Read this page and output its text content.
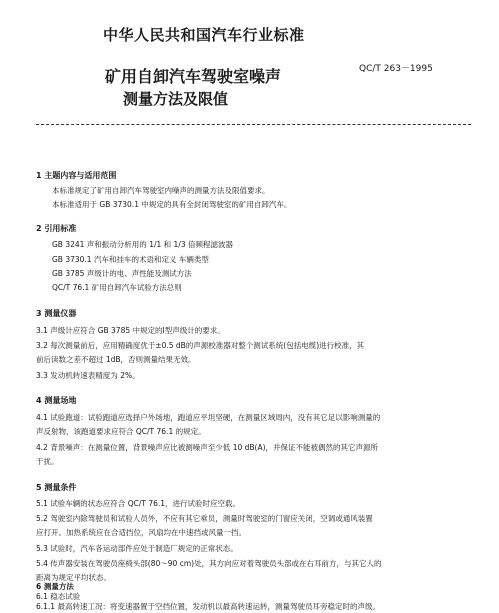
中华人民共和国汽车行业标准
QC/T 263－1995
矿用自卸汽车驾驶室噪声
测量方法及限值
1 主题内容与适用范围
本标准规定了矿用自卸汽车驾驶室内噪声的测量方法及限值要求。
本标准适用于 GB 3730.1 中规定的具有全封闭驾驶室的矿用自卸汽车。
2 引用标准
GB 3241 声和振动分析用的 1/1 和 1/3 倍频程滤波器
GB 3730.1 汽车和挂车的术语和定义 车辆类型
GB 3785 声级计的电、声性能及测试方法
QC/T 76.1 矿用自卸汽车试验方法总则
3 测量仪器
3.1 声级计应符合 GB 3785 中规定的Ⅰ型声级计的要求。
3.2 每次测量前后，应用精确度优于±0.5 dB的声源校准器对整个测试系统(包括电缆)进行校准，其
前后读数之差不超过 1dB，否则测量结果无效。
3.3 发动机转速表精度为 2%。
4 测量场地
4.1 试验跑道：试验跑道应选择户外场地，跑道应平坦坚硬，在测量区域周内，没有其它足以影响测量的
声反射物，该跑道要求应符合 QC/T 76.1 的规定。
4.2 背景噪声：在测量位置，背景噪声应比被测噪声至少低 10 dB(A)，并保证不能被偶然的其它声源所
干扰。
5 测量条件
5.1 试验车辆的状态应符合 QC/T 76.1，进行试验时应空载。
5.2 驾驶室内除驾驶员和试验人员外，不应有其它乘员，测量时驾驶室的门窗应关闭，空调或通风装置
应打开。加热系统应在合适挡位，风扇均在中速挡或风量一挡。
5.3 试验时，汽车各运动部件应处于制造厂规定的正常状态。
5.4 传声器安装在驾驶员座椅头部(80～90 cm)处，其方向应对着驾驶员头部或在右耳前方，与其它人的
距离为规定平均状态。
6 测量方法
6.1 稳态试验
6.1.1 最高转速工况：将变速器置于空挡位置，发动机以最高转速运转，测量驾驶员耳旁稳定时的声级。
